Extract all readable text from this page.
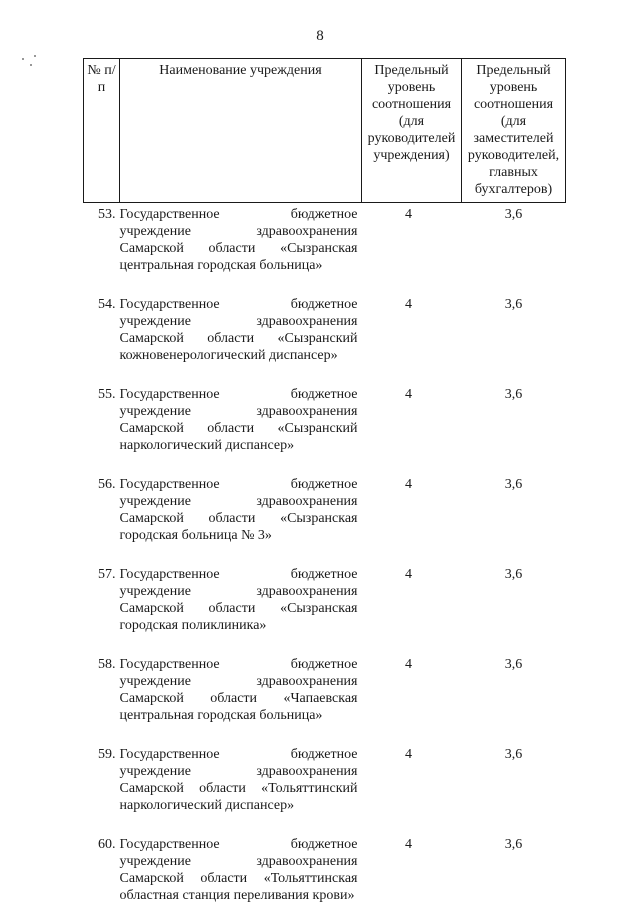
8
№ п/п	Наименование учреждения	Предельный уровень соотношения (для руководителей учреждения)	Предельный уровень соотношения (для заместителей руководителей, главных бухгалтеров)
53.	Государственное бюджетное учреждение здравоохранения Самарской области «Сызранская центральная городская больница»	4	3,6
54.	Государственное бюджетное учреждение здравоохранения Самарской области «Сызранский кожновенерологический диспансер»	4	3,6
55.	Государственное бюджетное учреждение здравоохранения Самарской области «Сызранский наркологический диспансер»	4	3,6
56.	Государственное бюджетное учреждение здравоохранения Самарской области «Сызранская городская больница № 3»	4	3,6
57.	Государственное бюджетное учреждение здравоохранения Самарской области «Сызранская городская поликлиника»	4	3,6
58.	Государственное бюджетное учреждение здравоохранения Самарской области «Чапаевская центральная городская больница»	4	3,6
59.	Государственное бюджетное учреждение здравоохранения Самарской области «Тольяттинский наркологический диспансер»	4	3,6
60.	Государственное бюджетное учреждение здравоохранения Самарской области «Тольяттинская областная станция переливания крови»	4	3,6
